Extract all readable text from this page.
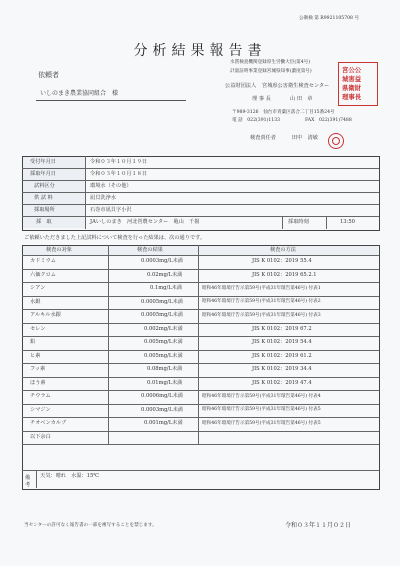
公衛検 第 R9921105708 号
分析結果報告書
依頼者
いしのまき農業協同組合　様
水質検査機関登録厚生労働大臣(第4号)
計量証明事業登録宮城県知事(濃度第号)
公益財団法人 宮城県公害衛生検査センター
理 事 長	山 田　章
〒989-3126　仙台市青葉区落合二丁目15番24号
電 話　022(391)1133	FAX　022(391)7488
検査責任者	田中　清敏
宮公公
城害益
県衛財
理事長
受付年月日	令和０３年１０月１９日
採取年月日	令和０３年１０月１８日
試料区分	環境水（その他）
供 試 料	凪貝洗浄水
採取場所	石巻市凪貝字小沢
採　取	JAいしのまき　河北営農センター　亀山　千揚	採取時刻	13:50
ご依頼いただきました上記試料について検査を行った結果は、次の通りです。
検査の対象	検査の結果	検査の方法
カドミウム	0.0003mg/L未満	JIS K 0102：2019 55.4
六価クロム	0.02mg/L未満	JIS K 0102：2019 65.2.1
シアン	0.1mg/L未満	昭和46年環境庁告示第59号(平成31年環告第46号) 付表1
水銀	0.0005mg/L未満	昭和46年環境庁告示第59号(平成31年環告第46号) 付表2
アルキル水銀	0.0005mg/L未満	昭和46年環境庁告示第59号(平成31年環告第46号) 付表3
セレン	0.002mg/L未満	JIS K 0102：2019 67.2
鉛	0.005mg/L未満	JIS K 0102：2019 54.4
ヒ素	0.005mg/L未満	JIS K 0102：2019 61.2
フッ素	0.08mg/L未満	JIS K 0102：2019 34.4
ほう素	0.01mg/L未満	JIS K 0102：2019 47.4
チウラム	0.0006mg/L未満	昭和46年環境庁告示第59号(平成31年環告第46号) 付表4
シマジン	0.0003mg/L未満	昭和46年環境庁告示第59号(平成31年環告第46号) 付表5
チオベンカルブ	0.001mg/L未満	昭和46年環境庁告示第59号(平成31年環告第46号) 付表5
以下余白
備考
天気：晴れ　水温：15℃
当センターの許可なく報告書の一部を複写することを禁じます。	令和０３年１１月０２日
